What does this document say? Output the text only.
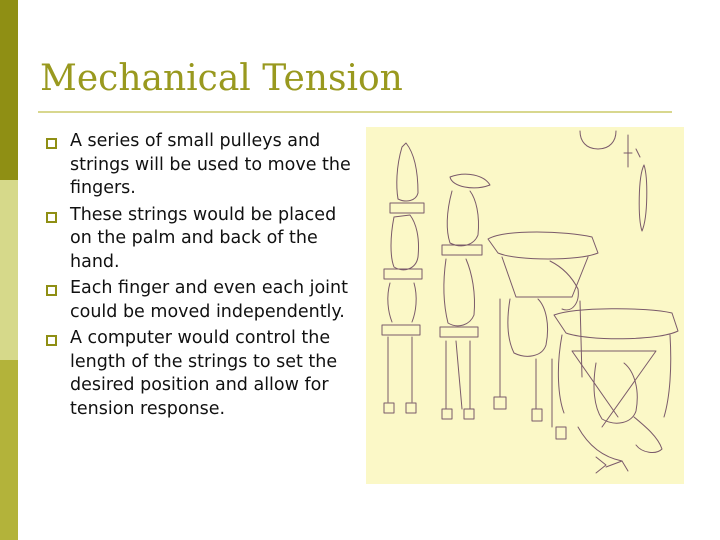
Mechanical Tension
A series of small pulleys and strings will be used to move the fingers.
These strings would be placed on the palm and back of the hand.
Each finger and even each joint could be moved independently.
A computer would control the length of the strings to set the desired position and allow for tension response.
